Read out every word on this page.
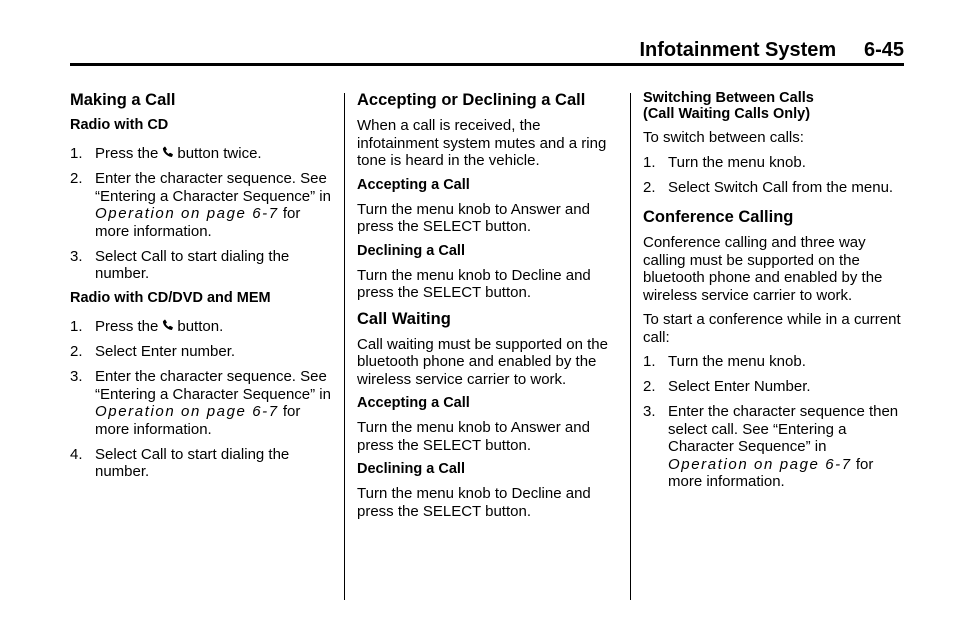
Infotainment System     6-45
Making a Call
Radio with CD
1. Press the button twice.
2. Enter the character sequence. See “Entering a Character Sequence” in Operation on page 6-7 for more information.
3. Select Call to start dialing the number.
Radio with CD/DVD and MEM
1. Press the button.
2. Select Enter number.
3. Enter the character sequence. See “Entering a Character Sequence” in Operation on page 6-7 for more information.
4. Select Call to start dialing the number.
Accepting or Declining a Call

When a call is received, the infotainment system mutes and a ring tone is heard in the vehicle.

Accepting a Call

Turn the menu knob to Answer and press the SELECT button.

Declining a Call

Turn the menu knob to Decline and press the SELECT button.

Call Waiting

Call waiting must be supported on the bluetooth phone and enabled by the wireless service carrier to work.

Accepting a Call

Turn the menu knob to Answer and press the SELECT button.

Declining a Call

Turn the menu knob to Decline and press the SELECT button.

Switching Between Calls
(Call Waiting Calls Only)

To switch between calls:

1. Turn the menu knob.
2. Select Switch Call from the menu.
Conference Calling

Conference calling and three way calling must be supported on the bluetooth phone and enabled by the wireless service carrier to work.

To start a conference while in a current call:

1. Turn the menu knob.
2. Select Enter Number.
3. Enter the character sequence then select call. See “Entering a Character Sequence” in Operation on page 6-7 for more information.
